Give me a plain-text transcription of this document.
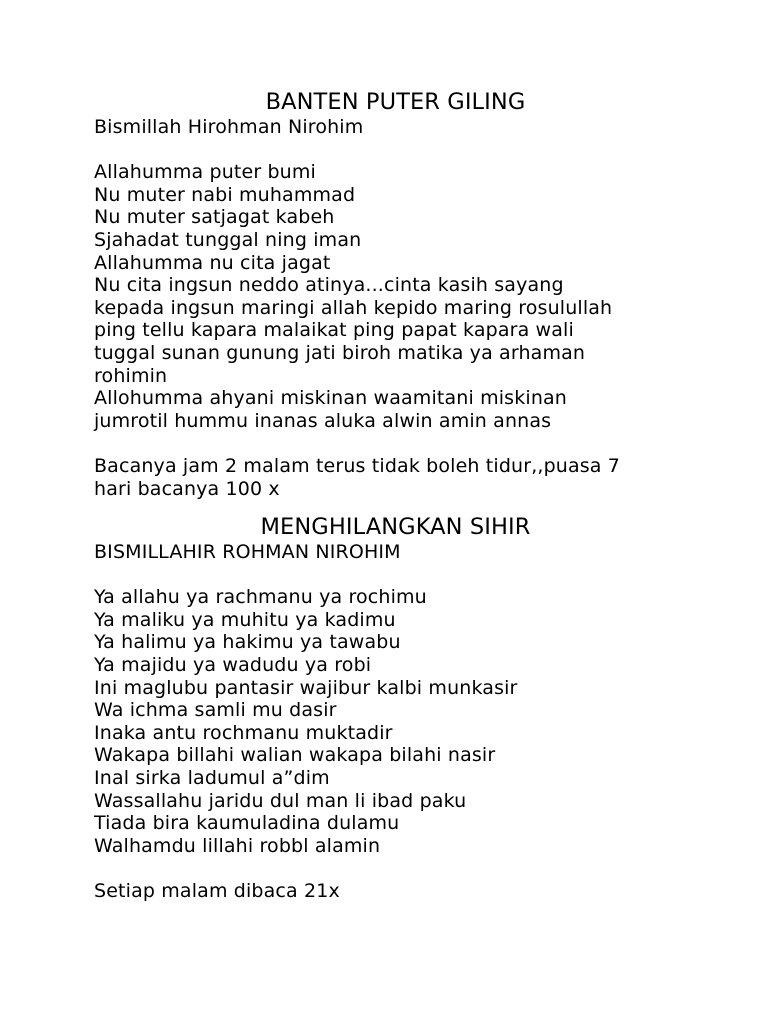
BANTEN PUTER GILING
Bismillah Hirohman Nirohim
Allahumma puter bumi
Nu muter nabi muhammad
Nu muter satjagat kabeh
Sjahadat tunggal ning iman
Allahumma nu cita jagat
Nu cita ingsun neddo atinya...cinta kasih sayang
kepada ingsun maringi allah kepido maring rosulullah
ping tellu kapara malaikat ping papat kapara wali
tuggal sunan gunung jati biroh matika ya arhaman
rohimin
Allohumma ahyani miskinan waamitani miskinan
jumrotil hummu inanas aluka alwin amin annas
Bacanya jam 2 malam terus tidak boleh tidur,,puasa 7
hari bacanya 100 x
MENGHILANGKAN SIHIR
BISMILLAHIR ROHMAN NIROHIM
Ya allahu ya rachmanu ya rochimu
Ya maliku ya muhitu ya kadimu
Ya halimu ya hakimu ya tawabu
Ya majidu ya wadudu ya robi
Ini maglubu pantasir wajibur kalbi munkasir
Wa ichma samli mu dasir
Inaka antu rochmanu muktadir
Wakapa billahi walian wakapa bilahi nasir
Inal sirka ladumul a”dim
Wassallahu jaridu dul man li ibad paku
Tiada bira kaumuladina dulamu
Walhamdu lillahi robbl alamin
Setiap malam dibaca 21x
